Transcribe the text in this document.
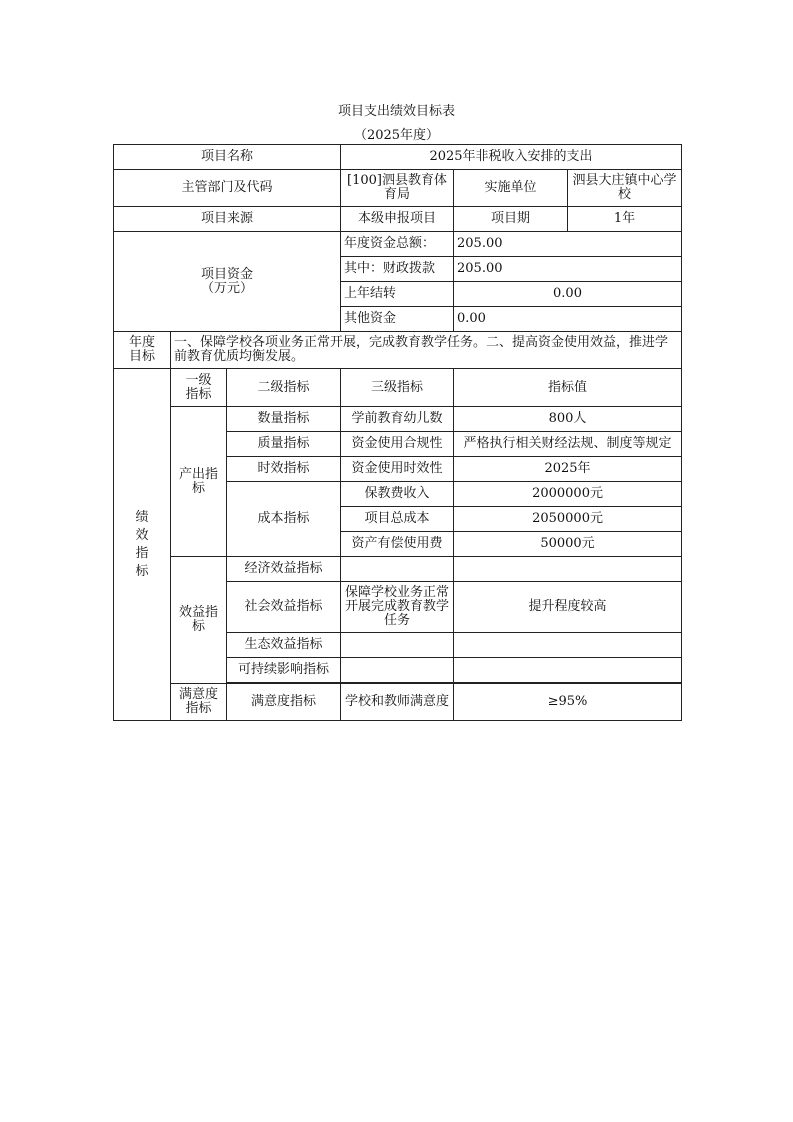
项目支出绩效目标表
（2025年度）
项目名称			2025年非税收入安排的支出		
主管部门及代码			[100]泗县教育体育局	实施单位	泗县大庄镇中心学校
项目来源			本级申报项目	项目期	1年
项目资金（万元）			年度资金总额：	205.00	
			其中：财政拨款	205.00	
			上年结转	0.00	
			其他资金	0.00	
年度目标	一、保障学校各项业务正常开展，完成教育教学任务。二、提高资金使用效益，推进学前教育优质均衡发展。				
绩效指标	一级指标	二级指标	三级指标	指标值	
	产出指标	数量指标	学前教育幼儿数	800人	
		质量指标	资金使用合规性	严格执行相关财经法规、制度等规定	
		时效指标	资金使用时效性	2025年	
		成本指标	保教费收入	2000000元	
			项目总成本	2050000元	
			资产有偿使用费	50000元	
	效益指标	经济效益指标			
		社会效益指标	保障学校业务正常开展完成教育教学任务	提升程度较高	
		生态效益指标			
		可持续影响指标			

	满意度指标	满意度指标	学校和教师满意度	≥95%	
